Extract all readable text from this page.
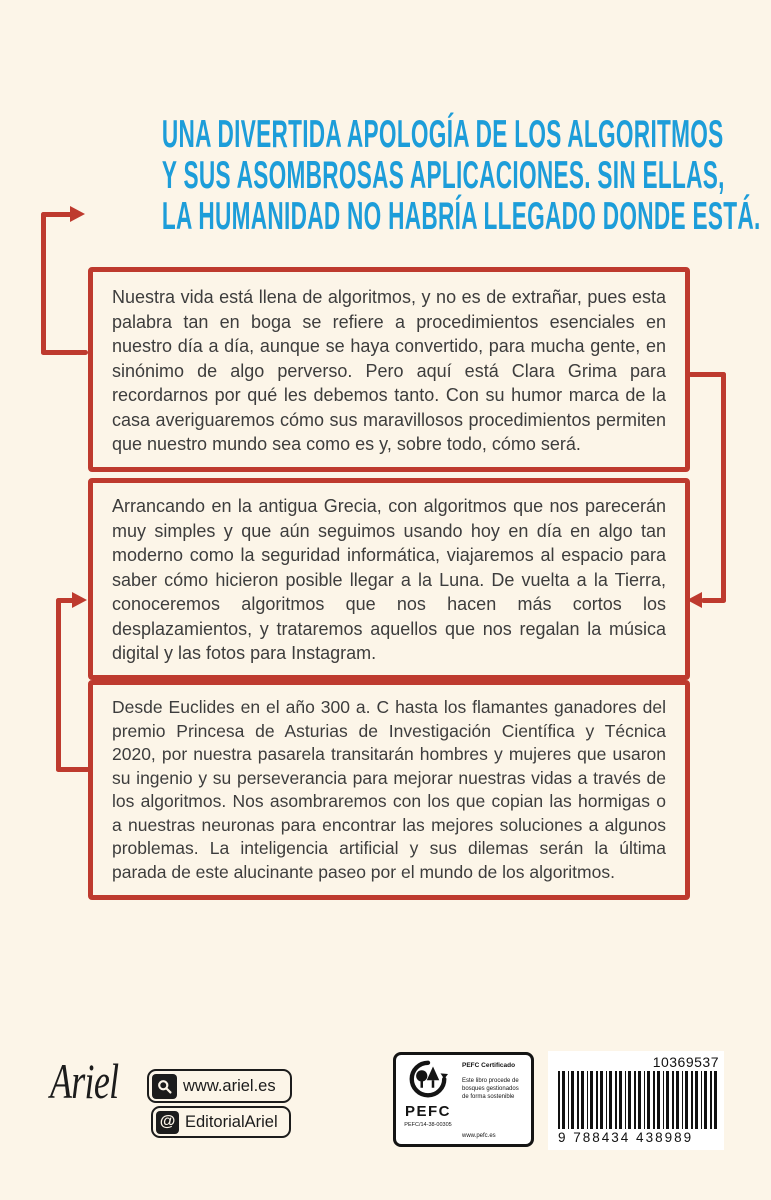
UNA DIVERTIDA APOLOGÍA DE LOS ALGORITMOS
Y SUS ASOMBROSAS APLICACIONES. SIN ELLAS,
LA HUMANIDAD NO HABRÍA LLEGADO DONDE ESTÁ.

Nuestra vida está llena de algoritmos, y no es de extrañar, pues esta palabra tan en boga se refiere a procedimientos esenciales en nuestro día a día, aunque se haya convertido, para mucha gente, en sinónimo de algo perverso. Pero aquí está Clara Grima para recordarnos por qué les debemos tanto. Con su humor marca de la casa averiguaremos cómo sus maravillosos procedimientos permiten que nuestro mundo sea como es y, sobre todo, cómo será.

Arrancando en la antigua Grecia, con algoritmos que nos parecerán muy simples y que aún seguimos usando hoy en día en algo tan moderno como la seguridad informática, viajaremos al espacio para saber cómo hicieron posible llegar a la Luna. De vuelta a la Tierra, conoceremos algoritmos que nos hacen más cortos los desplazamientos, y trataremos aquellos que nos regalan la música digital y las fotos para Instagram.

Desde Euclides en el año 300 a. C hasta los flamantes ganadores del premio Princesa de Asturias de Investigación Científica y Técnica 2020, por nuestra pasarela transitarán hombres y mujeres que usaron su ingenio y su perseverancia para mejorar nuestras vidas a través de los algoritmos. Nos asombraremos con los que copian las hormigas o a nuestras neuronas para encontrar las mejores soluciones a algunos problemas. La inteligencia artificial y sus dilemas serán la última parada de este alucinante paseo por el mundo de los algoritmos.

Ariel	www.ariel.es
@ EditorialAriel
PEFC
PEFC/14-38-00305
PEFC Certificado
Este libro procede de bosques gestionados de forma sostenible
www.pefc.es
10369537
9 788434 438989
